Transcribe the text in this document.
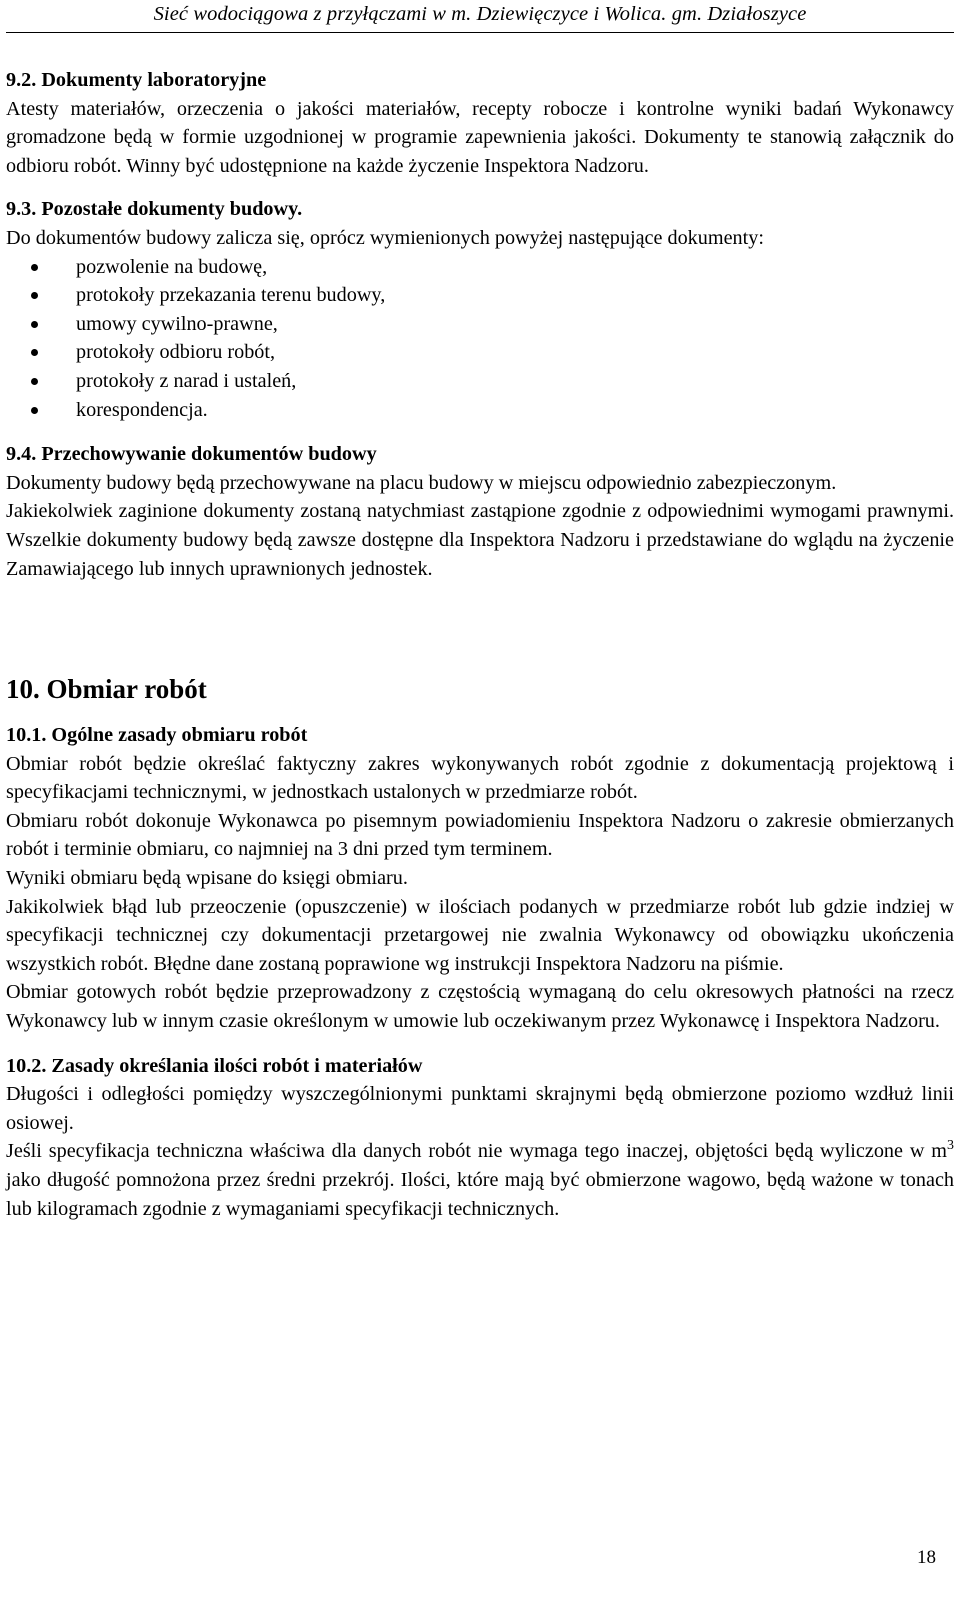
Sieć wodociągowa z przyłączami w m. Dziewięczyce i Wolica. gm. Działoszyce
9.2. Dokumenty laboratoryjne
Atesty materiałów, orzeczenia o jakości materiałów, recepty robocze i kontrolne wyniki badań Wykonawcy gromadzone będą w formie uzgodnionej w programie zapewnienia jakości. Dokumenty te stanowią załącznik do odbioru robót. Winny być udostępnione na każde życzenie Inspektora Nadzoru.
9.3. Pozostałe dokumenty budowy.
Do dokumentów budowy zalicza się, oprócz wymienionych powyżej następujące dokumenty:
pozwolenie na budowę,
protokoły przekazania terenu budowy,
umowy cywilno-prawne,
protokoły odbioru robót,
protokoły z narad i ustaleń,
korespondencja.
9.4. Przechowywanie dokumentów budowy
Dokumenty budowy będą przechowywane na placu budowy w miejscu odpowiednio zabezpieczonym.
Jakiekolwiek zaginione dokumenty zostaną natychmiast zastąpione zgodnie z odpowiednimi wymogami prawnymi. Wszelkie dokumenty budowy będą zawsze dostępne dla Inspektora Nadzoru i przedstawiane do wglądu na życzenie Zamawiającego lub innych uprawnionych jednostek.
10. Obmiar robót
10.1. Ogólne zasady obmiaru robót
Obmiar robót będzie określać faktyczny zakres wykonywanych robót zgodnie z dokumentacją projektową i specyfikacjami technicznymi, w jednostkach ustalonych w przedmiarze robót.
Obmiaru robót dokonuje Wykonawca po pisemnym powiadomieniu Inspektora Nadzoru o zakresie obmierzanych robót i terminie obmiaru, co najmniej na 3 dni przed tym terminem.
Wyniki obmiaru będą wpisane do księgi obmiaru.
Jakikolwiek błąd lub przeoczenie (opuszczenie) w ilościach podanych w przedmiarze robót lub gdzie indziej w specyfikacji technicznej czy dokumentacji przetargowej nie zwalnia Wykonawcy od obowiązku ukończenia wszystkich robót. Błędne dane zostaną poprawione wg instrukcji Inspektora Nadzoru na piśmie.
Obmiar gotowych robót będzie przeprowadzony z częstością wymaganą do celu okresowych płatności na rzecz Wykonawcy lub w innym czasie określonym w umowie lub oczekiwanym przez Wykonawcę i Inspektora Nadzoru.
10.2. Zasady określania ilości robót i materiałów
Długości i odległości pomiędzy wyszczególnionymi punktami skrajnymi będą obmierzone poziomo wzdłuż linii osiowej.
Jeśli specyfikacja techniczna właściwa dla danych robót nie wymaga tego inaczej, objętości będą wyliczone w $m^3$ jako długość pomnożona przez średni przekrój. Ilości, które mają być obmierzone wagowo, będą ważone w tonach lub kilogramach zgodnie z wymaganiami specyfikacji technicznych.
18
